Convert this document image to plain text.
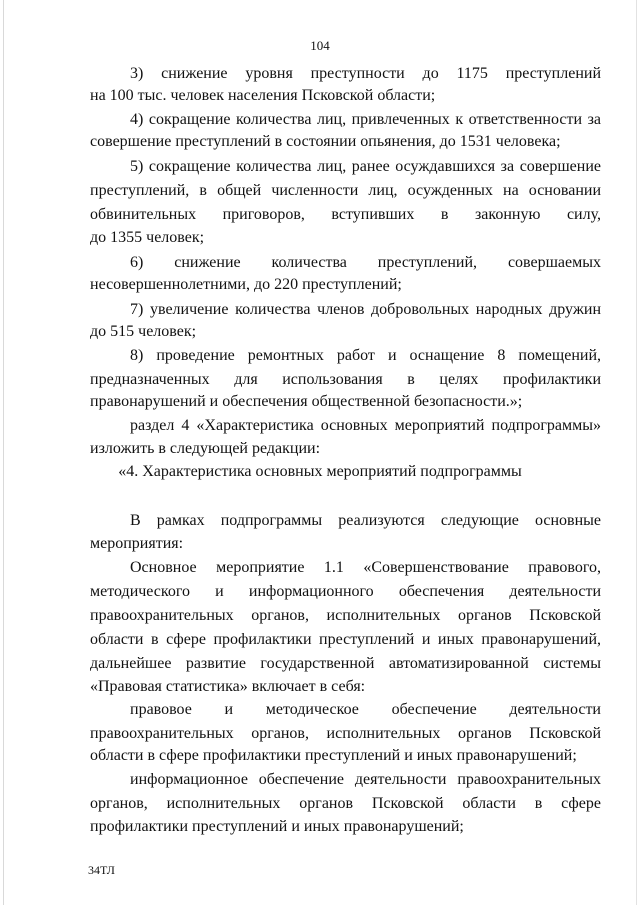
104
3) снижение уровня преступности до 1175 преступлений
на 100 тыс. человек населения Псковской области;
4) сокращение количества лиц, привлеченных к ответственности за
совершение преступлений в состоянии опьянения, до 1531 человека;
5) сокращение количества лиц, ранее осуждавшихся за совершение
преступлений, в общей численности лиц, осужденных на основании
обвинительных приговоров, вступивших в законную силу,
до 1355 человек;
6) снижение количества преступлений, совершаемых
несовершеннолетними, до 220 преступлений;
7) увеличение количества членов добровольных народных дружин
до 515 человек;
8) проведение ремонтных работ и оснащение 8 помещений,
предназначенных для использования в целях профилактики
правонарушений и обеспечения общественной безопасности.»;
раздел 4 «Характеристика основных мероприятий подпрограммы»
изложить в следующей редакции:
«4. Характеристика основных мероприятий подпрограммы
В рамках подпрограммы реализуются следующие основные
мероприятия:
Основное мероприятие 1.1 «Совершенствование правового,
методического и информационного обеспечения деятельности
правоохранительных органов, исполнительных органов Псковской
области в сфере профилактики преступлений и иных правонарушений,
дальнейшее развитие государственной автоматизированной системы
«Правовая статистика» включает в себя:
правовое и методическое обеспечение деятельности
правоохранительных органов, исполнительных органов Псковской
области в сфере профилактики преступлений и иных правонарушений;
информационное обеспечение деятельности правоохранительных
органов, исполнительных органов Псковской области в сфере
профилактики преступлений и иных правонарушений;
34ТЛ
